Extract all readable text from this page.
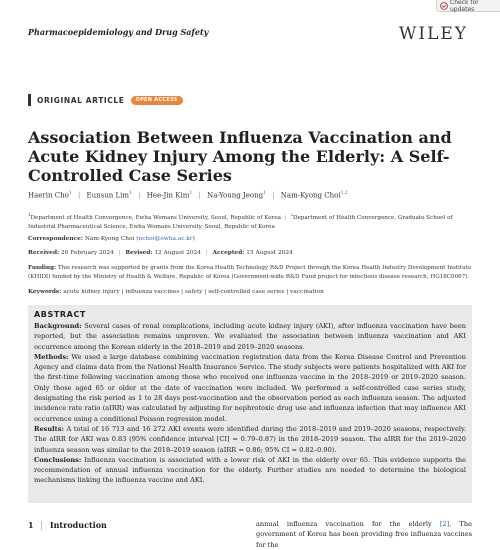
Check for updates
Pharmacoepidemiology and Drug Safety	WILEY
ORIGINAL ARTICLE	OPEN ACCESS
Association Between Influenza Vaccination and Acute Kidney Injury Among the Elderly: A Self-Controlled Case Series
Haerin Cho$^1$ | Eunsun Lim$^1$ | Hee-Jin Kim$^1$ | Na-Young Jeong$^1$ | Nam-Kyong Choi$^{1,2}$
$^1$Department of Health Convergence, Ewha Womans University, Seoul, Republic of Korea | $^2$Department of Health Convergence, Graduate School of Industrial Pharmaceutical Science, Ewha Womans University, Seoul, Republic of Korea
Correspondence: Nam-Kyong Choi (nchoi@ewha.ac.kr)
Received: 26 February 2024 | Revised: 12 August 2024 | Accepted: 15 August 2024
Funding: This research was supported by grants from the Korea Health Technology R&D Project through the Korea Health Industry Development Institute (KHIDI) funded by the Ministry of Health & Welfare, Republic of Korea (Government-wide R&D Fund project for infectious disease research, HG18C0067).
Keywords: acute kidney injury | influenza vaccines | safety | self-controlled case series | vaccination
ABSTRACT

Background: Several cases of renal complications, including acute kidney injury (AKI), after influenza vaccination have been reported, but the association remains unproven. We evaluated the association between influenza vaccination and AKI occurrence among the Korean elderly in the 2018–2019 and 2019–2020 seasons.

Methods: We used a large database combining vaccination registration data from the Korea Disease Control and Prevention Agency and claims data from the National Health Insurance Service. The study subjects were patients hospitalized with AKI for the first-time following vaccination among those who received one influenza vaccine in the 2018–2019 or 2019–2020 season. Only those aged 65 or older at the date of vaccination were included. We performed a self-controlled case series study, designating the risk period as 1 to 28 days post-vaccination and the observation period as each influenza season. The adjusted incidence rate ratio (aIRR) was calculated by adjusting for nephrotoxic drug use and influenza infection that may influence AKI occurrence using a conditional Poisson regression model.

Results: A total of 16 713 and 16 272 AKI events were identified during the 2018–2019 and 2019–2020 seasons, respectively. The aIRR for AKI was 0.83 (95% confidence interval [CI] = 0.79–0.87) in the 2018–2019 season. The aIRR for the 2019–2020 influenza season was similar to the 2018–2019 season (aIRR = 0.86; 95% CI = 0.82–0.90).

Conclusions: Influenza vaccination is associated with a lower risk of AKI in the elderly over 65. This evidence supports the recommendation of annual influenza vaccination for the elderly. Further studies are needed to determine the biological mechanisms linking the influenza vaccine and AKI.

1 | Introduction	annual influenza vaccination for the elderly [2]. The government of Korea has been providing free influenza vaccines for the
